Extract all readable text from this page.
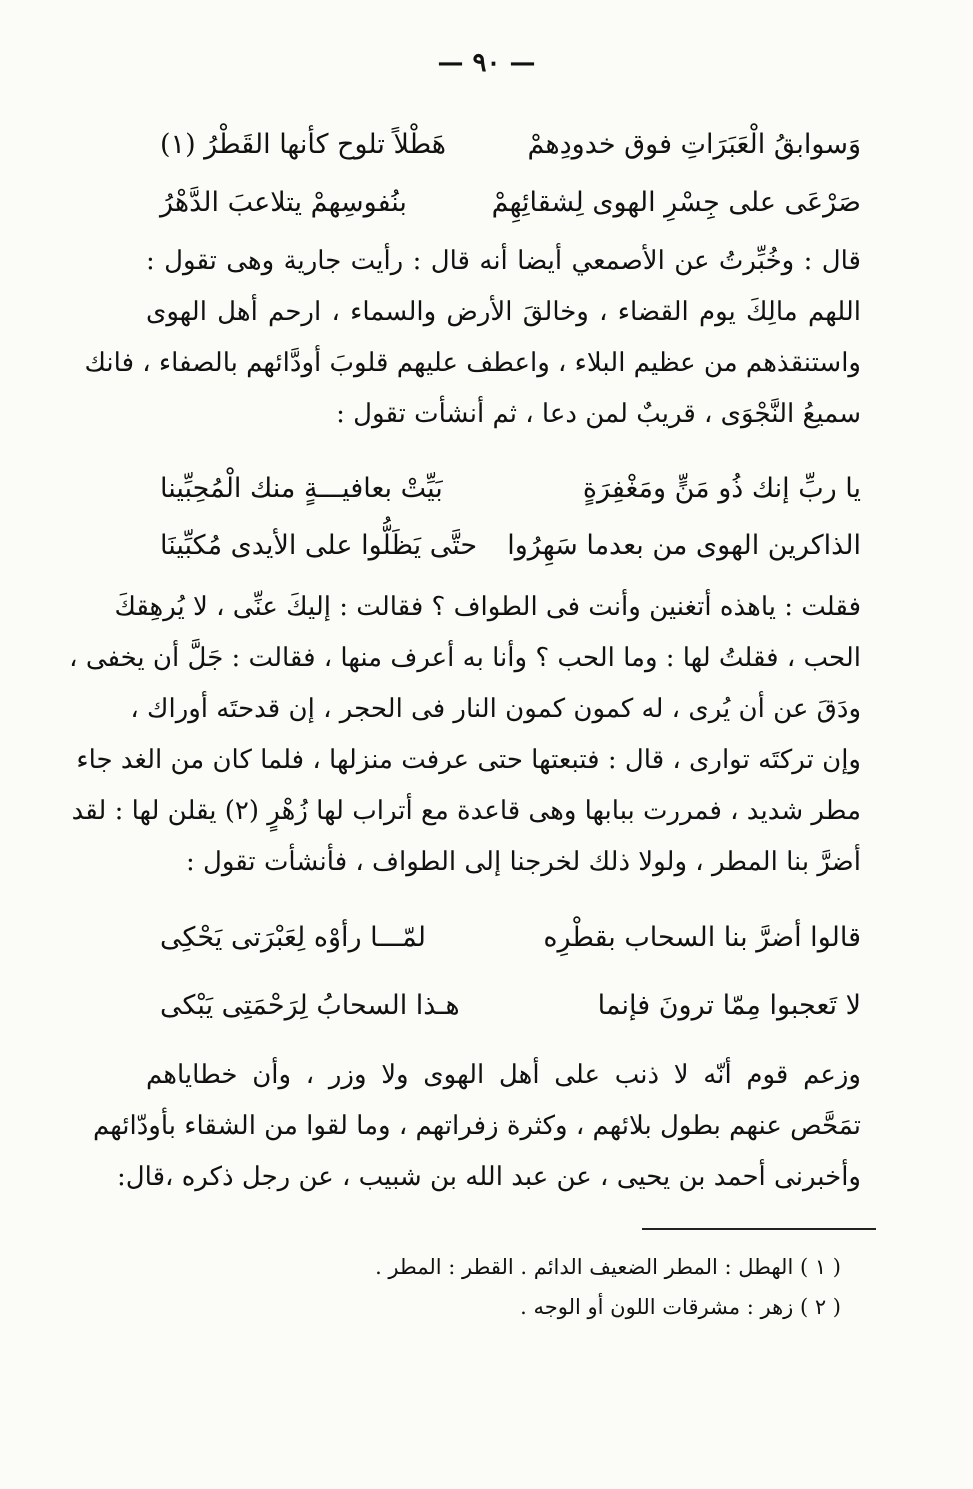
— ٩٠ —
وَسوابقُ الْعَبَرَاتِ فوق خدودِهمْ
هَطْلاً تلوح كأنها القَطْرُ (١)
صَرْعَى على جِسْرِ الهوى لِشقائِهِمْ
بنُفوسِهمْ يتلاعبَ الدَّهْرُ

قال : وخُبِّرتُ عن الأصمعي أيضا أنه قال : رأيت جارية وهى تقول :

اللهم مالِكَ يوم القضاء ، وخالقَ الأرض والسماء ، ارحم أهل الهوى

واستنقذهم من عظيم البلاء ، واعطف عليهم قلوبَ أودَّائهم بالصفاء ، فانك

سميعُ النَّجْوَى ، قريبٌ لمن دعا ، ثم أنشأت تقول :

يا ربِّ إنك ذُو مَنٍّ ومَغْفِرَةٍ
بَيِّتْ بعافيـــةٍ منك الْمُحِبِّينا
الذاكرين الهوى من بعدما سَهِرُوا
حتَّى يَظَلُّوا على الأيدى مُكبِّينَا

فقلت : ياهذه أتغنين وأنت فى الطواف ؟ فقالت : إليكَ عنِّى ، لا يُرهِقكَ

الحب ، فقلتُ لها : وما الحب ؟ وأنا به أعرف منها ، فقالت : جَلَّ أن يخفى ،

ودَقَ عن أن يُرى ، له كمون كمون النار فى الحجر ، إن قدحتَه أوراك ،

وإن تركتَه توارى ، قال : فتبعتها حتى عرفت منزلها ، فلما كان من الغد جاء

مطر شديد ، فمررت ببابها وهى قاعدة مع أتراب لها زُهْرٍ (٢) يقلن لها : لقد

أضرَّ بنا المطر ، ولولا ذلك لخرجنا إلى الطواف ، فأنشأت تقول :

قالوا أضرَّ بنا السحاب بقطْرِه
لمّـــا رأوْه لِعَبْرَتى يَحْكِى
لا تَعجبوا مِمّا ترونَ فإنما
هـذا السحابُ لِرَحْمَتِى يَبْكى

وزعم قوم أنّه لا ذنب على أهل الهوى ولا وزر ، وأن خطاياهم

تمَحَّص عنهم بطول بلائهم ، وكثرة زفراتهم ، وما لقوا من الشقاء بأودّائهم

وأخبرنى أحمد بن يحيى ، عن عبد الله بن شبيب ، عن رجل ذكره ،قال:

( ١ ) الهطل : المطر الضعيف الدائم . القطر : المطر .
( ٢ ) زهر : مشرقات اللون أو الوجه .
